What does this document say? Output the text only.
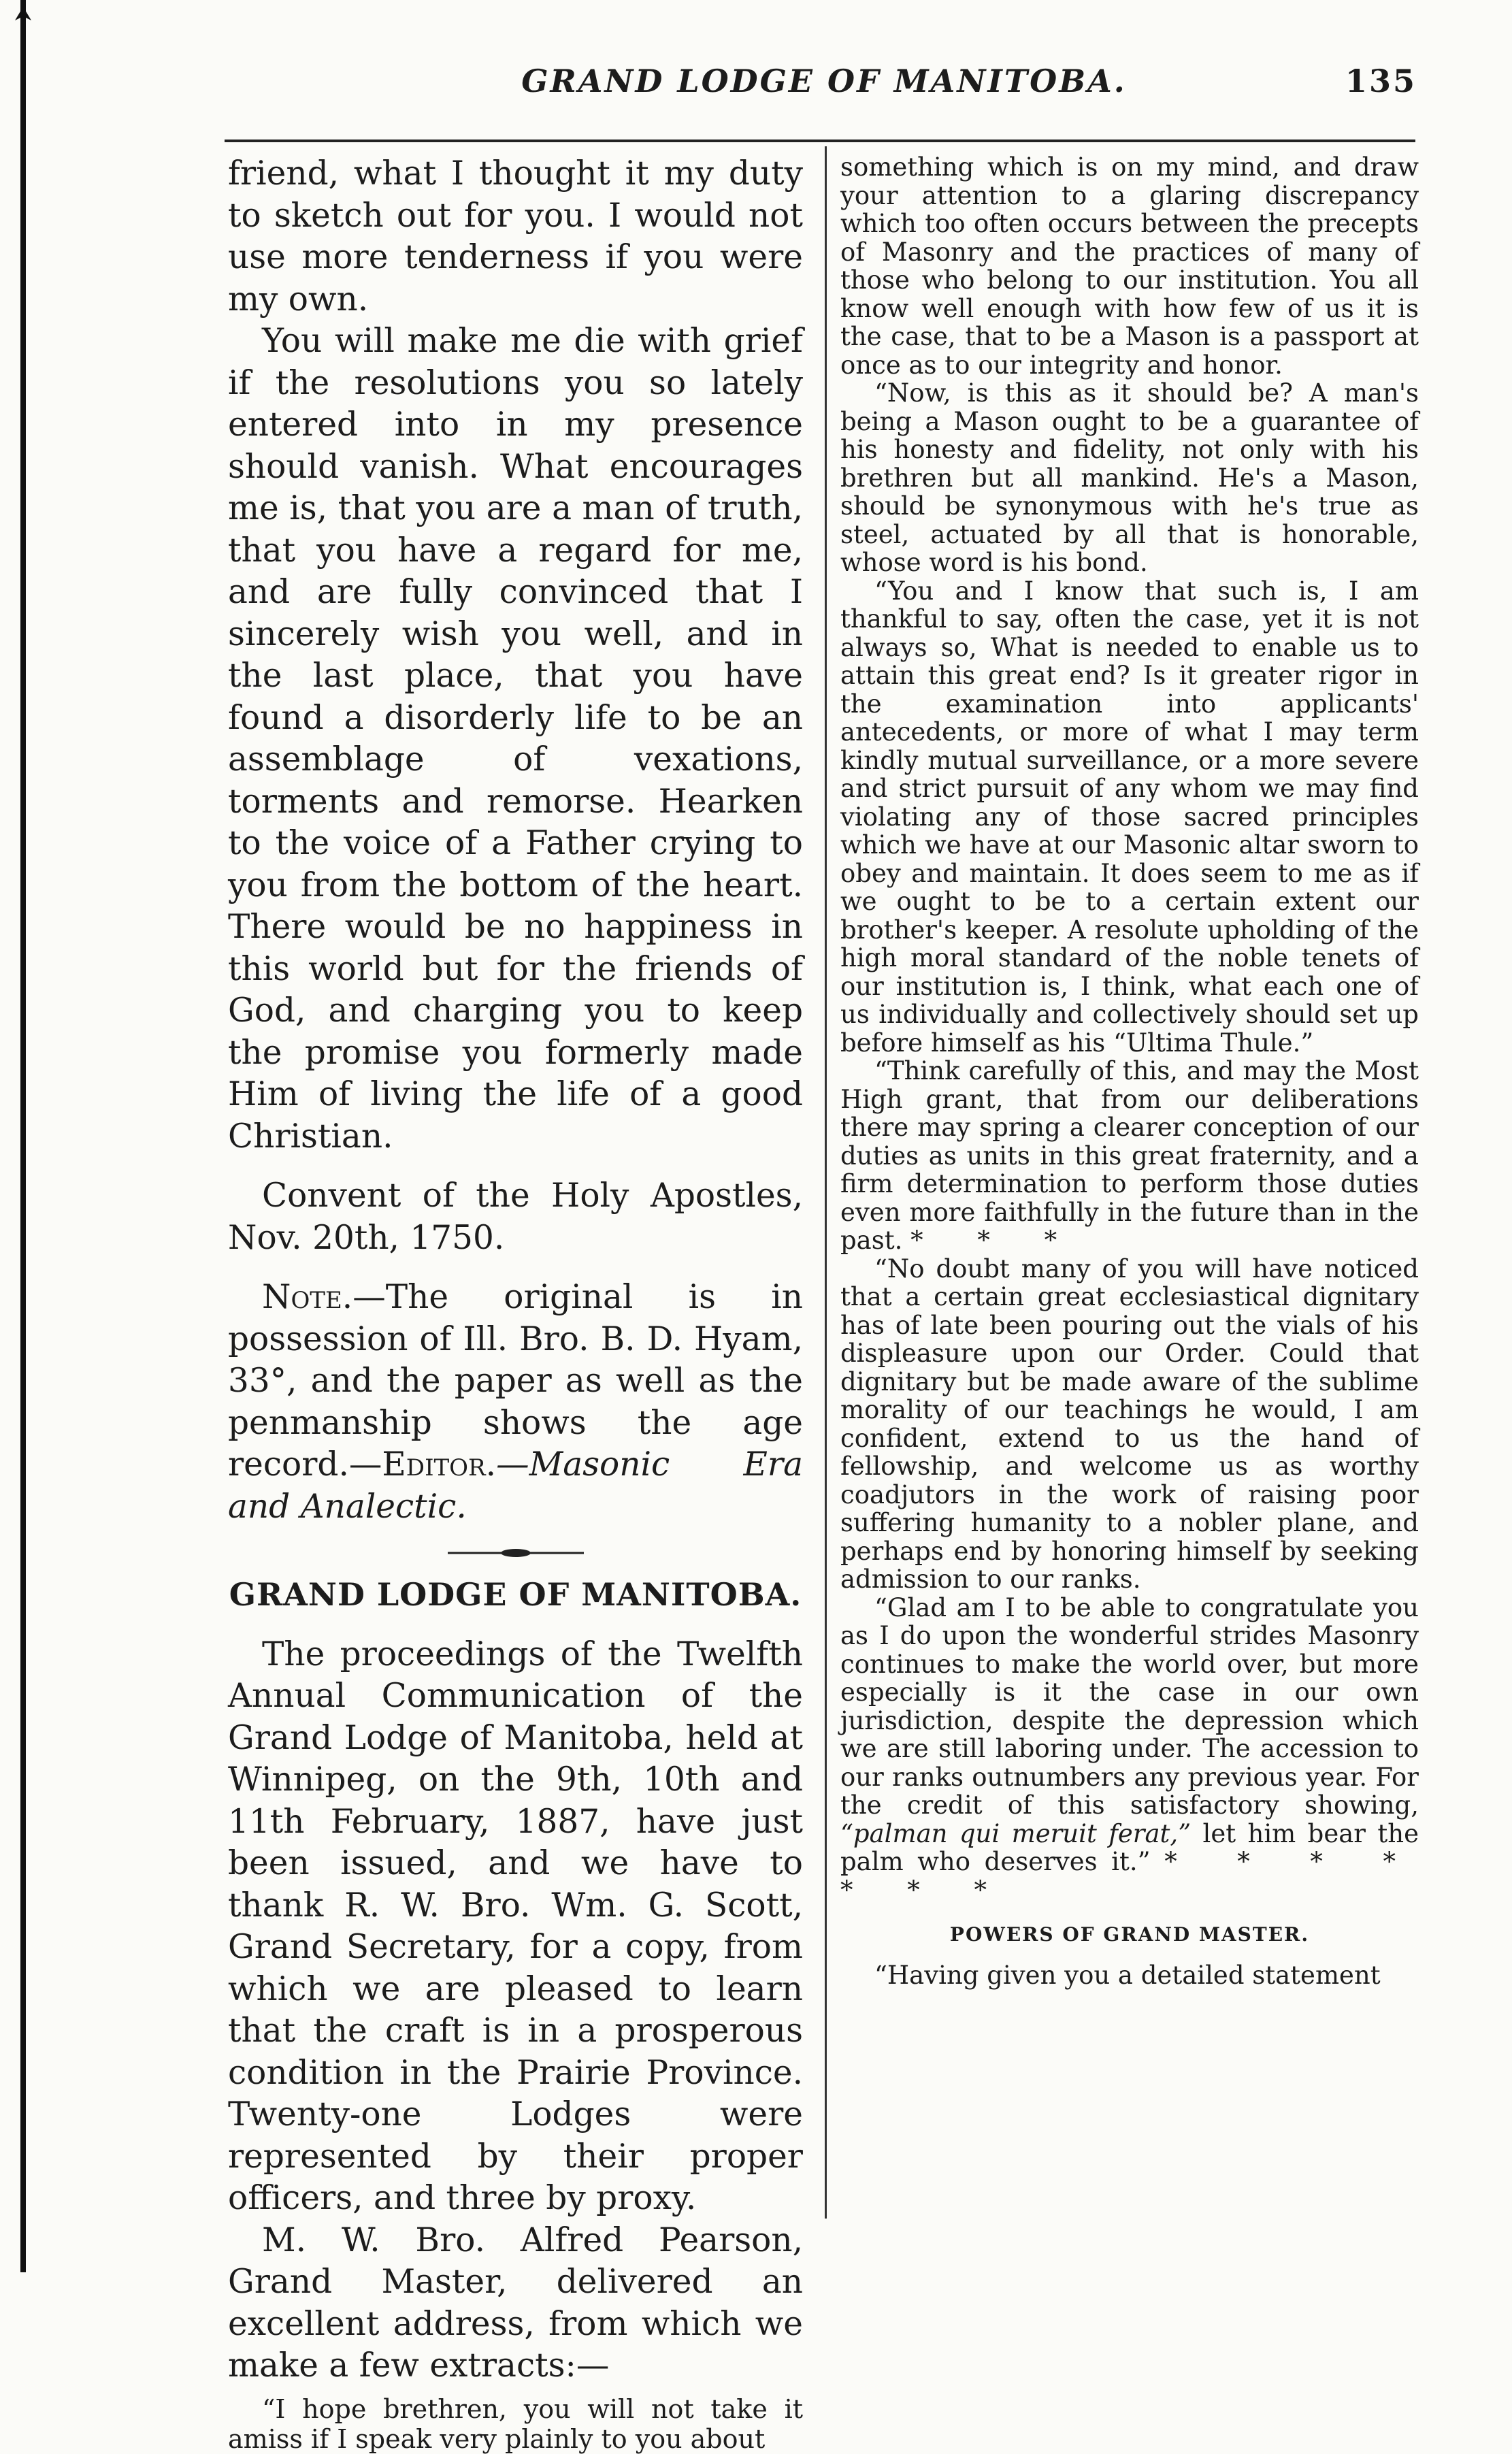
GRAND LODGE OF MANITOBA.	135

friend, what I thought it my duty to sketch out for you. I would not use more tenderness if you were my own.

You will make me die with grief if the resolutions you so lately entered into in my presence should vanish. What encourages me is, that you are a man of truth, that you have a regard for me, and are fully convinced that I sincerely wish you well, and in the last place, that you have found a disorderly life to be an assemblage of vexations, torments and remorse. Hearken to the voice of a Father crying to you from the bottom of the heart. There would be no happiness in this world but for the friends of God, and charging you to keep the promise you formerly made Him of living the life of a good Christian.

Convent of the Holy Apostles, Nov. 20th, 1750.

Note.—The original is in possession of Ill. Bro. B. D. Hyam, 33°, and the paper as well as the penmanship shows the age record.—Editor.—Masonic Era and Analectic.

GRAND LODGE OF MANITOBA.

The proceedings of the Twelfth Annual Communication of the Grand Lodge of Manitoba, held at Winnipeg, on the 9th, 10th and 11th February, 1887, have just been issued, and we have to thank R. W. Bro. Wm. G. Scott, Grand Secretary, for a copy, from which we are pleased to learn that the craft is in a prosperous condition in the Prairie Province. Twenty-one Lodges were represented by their proper officers, and three by proxy.

M. W. Bro. Alfred Pearson, Grand Master, delivered an excellent address, from which we make a few extracts:—

“I hope brethren, you will not take it amiss if I speak very plainly to you about

something which is on my mind, and draw your attention to a glaring discrepancy which too often occurs between the precepts of Masonry and the practices of many of those who belong to our institution. You all know well enough with how few of us it is the case, that to be a Mason is a passport at once as to our integrity and honor.

“Now, is this as it should be? A man's being a Mason ought to be a guarantee of his honesty and fidelity, not only with his brethren but all mankind. He's a Mason, should be synonymous with he's true as steel, actuated by all that is honorable, whose word is his bond.

“You and I know that such is, I am thankful to say, often the case, yet it is not always so, What is needed to enable us to attain this great end? Is it greater rigor in the examination into applicants' antecedents, or more of what I may term kindly mutual surveillance, or a more severe and strict pursuit of any whom we may find violating any of those sacred principles which we have at our Masonic altar sworn to obey and maintain. It does seem to me as if we ought to be to a certain extent our brother's keeper. A resolute upholding of the high moral standard of the noble tenets of our institution is, I think, what each one of us individually and collectively should set up before himself as his “Ultima Thule.”

“Think carefully of this, and may the Most High grant, that from our deliberations there may spring a clearer conception of our duties as units in this great fraternity, and a firm determination to perform those duties even more faithfully in the future than in the past. * * *

“No doubt many of you will have noticed that a certain great ecclesiastical dignitary has of late been pouring out the vials of his displeasure upon our Order. Could that dignitary but be made aware of the sublime morality of our teachings he would, I am confident, extend to us the hand of fellowship, and welcome us as worthy coadjutors in the work of raising poor suffering humanity to a nobler plane, and perhaps end by honoring himself by seeking admission to our ranks.

“Glad am I to be able to congratulate you as I do upon the wonderful strides Masonry continues to make the world over, but more especially is it the case in our own jurisdiction, despite the depression which we are still laboring under. The accession to our ranks outnumbers any previous year. For the credit of this satisfactory showing, “palman qui meruit ferat,” let him bear the palm who deserves it.” * * * * * * *

POWERS OF GRAND MASTER.

“Having given you a detailed statement
